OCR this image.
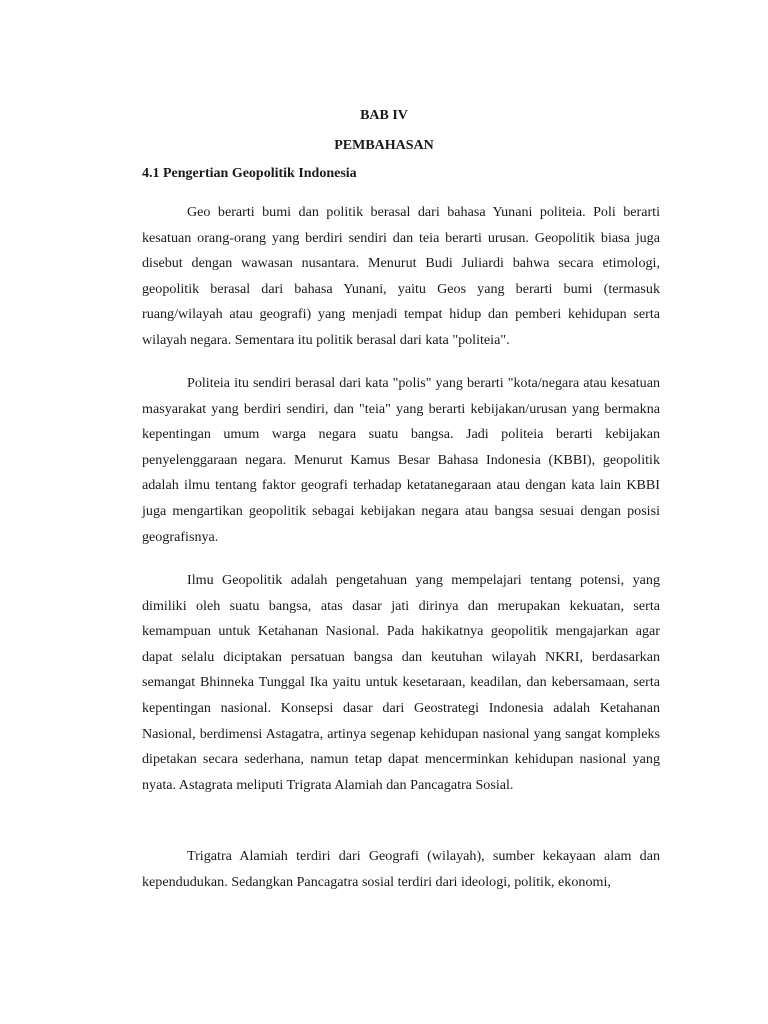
BAB IV
PEMBAHASAN
4.1 Pengertian Geopolitik Indonesia

Geo berarti bumi dan politik berasal dari bahasa Yunani politeia. Poli berarti kesatuan orang-orang yang berdiri sendiri dan teia berarti urusan. Geopolitik biasa juga disebut dengan wawasan nusantara. Menurut Budi Juliardi bahwa secara etimologi, geopolitik berasal dari bahasa Yunani, yaitu Geos yang berarti bumi (termasuk ruang/wilayah atau geografi) yang menjadi tempat hidup dan pemberi kehidupan serta wilayah negara. Sementara itu politik berasal dari kata "politeia".

Politeia itu sendiri berasal dari kata "polis" yang berarti "kota/negara atau kesatuan masyarakat yang berdiri sendiri, dan "teia" yang berarti kebijakan/urusan yang bermakna kepentingan umum warga negara suatu bangsa. Jadi politeia berarti kebijakan penyelenggaraan negara. Menurut Kamus Besar Bahasa Indonesia (KBBI), geopolitik adalah ilmu tentang faktor geografi terhadap ketatanegaraan atau dengan kata lain KBBI juga mengartikan geopolitik sebagai kebijakan negara atau bangsa sesuai dengan posisi geografisnya.

Ilmu Geopolitik adalah pengetahuan yang mempelajari tentang potensi, yang dimiliki oleh suatu bangsa, atas dasar jati dirinya dan merupakan kekuatan, serta kemampuan untuk Ketahanan Nasional. Pada hakikatnya geopolitik mengajarkan agar dapat selalu diciptakan persatuan bangsa dan keutuhan wilayah NKRI, berdasarkan semangat Bhinneka Tunggal Ika yaitu untuk kesetaraan, keadilan, dan kebersamaan, serta kepentingan nasional. Konsepsi dasar dari Geostrategi Indonesia adalah Ketahanan Nasional, berdimensi Astagatra, artinya segenap kehidupan nasional yang sangat kompleks dipetakan secara sederhana, namun tetap dapat mencerminkan kehidupan nasional yang nyata. Astagrata meliputi Trigrata Alamiah dan Pancagatra Sosial.

Trigatra Alamiah terdiri dari Geografi (wilayah), sumber kekayaan alam dan kependudukan. Sedangkan Pancagatra sosial terdiri dari ideologi, politik, ekonomi,
